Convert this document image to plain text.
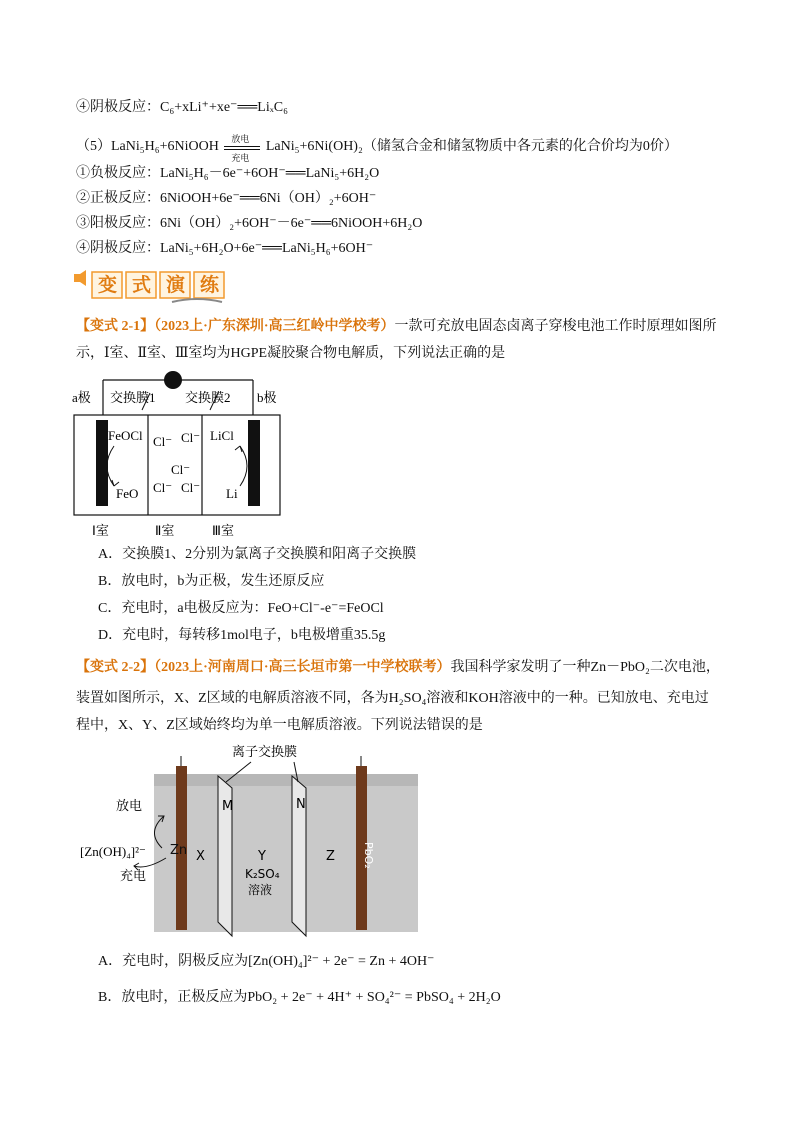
④阴极反应：C₆+xLi⁺+xe⁻══LiₓC₆
（5）LaNi₅H₆+6NiOOH 放电
充电
LaNi₅+6Ni(OH)₂（储氢合金和储氢物质中各元素的化合价均为0价）
①负极反应：LaNi₅H₆－6e⁻+6OH⁻══LaNi₅+6H₂O
②正极反应：6NiOOH+6e⁻══6Ni（OH）₂+6OH⁻
③阳极反应：6Ni（OH）₂+6OH⁻－6e⁻══6NiOOH+6H₂O
④阴极反应：LaNi₅+6H₂O+6e⁻══LaNi₅H₆+6OH⁻
变式演练
【变式 2-1】（2023上·广东深圳·高三红岭中学校考）一款可充放电固态卤离子穿梭电池工作时原理如图所
示，Ⅰ室、Ⅱ室、Ⅲ室均为HGPE凝胶聚合物电解质，下列说法正确的是
a极 交换膜1 交换膜2 b极
FeOCl
FeO
LiCl
Li
Cl⁻ Cl⁻
Cl⁻
Cl⁻ Cl⁻
Ⅰ室	Ⅱ室	Ⅲ室
A．交换膜1、2分别为氯离子交换膜和阳离子交换膜
B．放电时，b为正极，发生还原反应
C．充电时，a电极反应为：FeO+Cl⁻-e⁻=FeOCl
D．充电时，每转移1mol电子，b电极增重35.5g
【变式 2-2】（2023上·河南周口·高三长垣市第一中学校联考）我国科学家发明了一种Zn－PbO₂二次电池，
装置如图所示，X、Z区域的电解质溶液不同，各为H₂SO₄溶液和KOH溶液中的一种。已知放电、充电过
程中，X、Y、Z区域始终均为单一电解质溶液。下列说法错误的是
离子交换膜
放电
[Zn(OH)₄]²⁻
充电
Zn X
M
Y
K₂SO₄
溶液
N
Z PbO₂
A．充电时，阴极反应为[Zn(OH)₄]²⁻ + 2e⁻ = Zn + 4OH⁻
B．放电时，正极反应为PbO₂ + 2e⁻ + 4H⁺ + SO₄²⁻ = PbSO₄ + 2H₂O
